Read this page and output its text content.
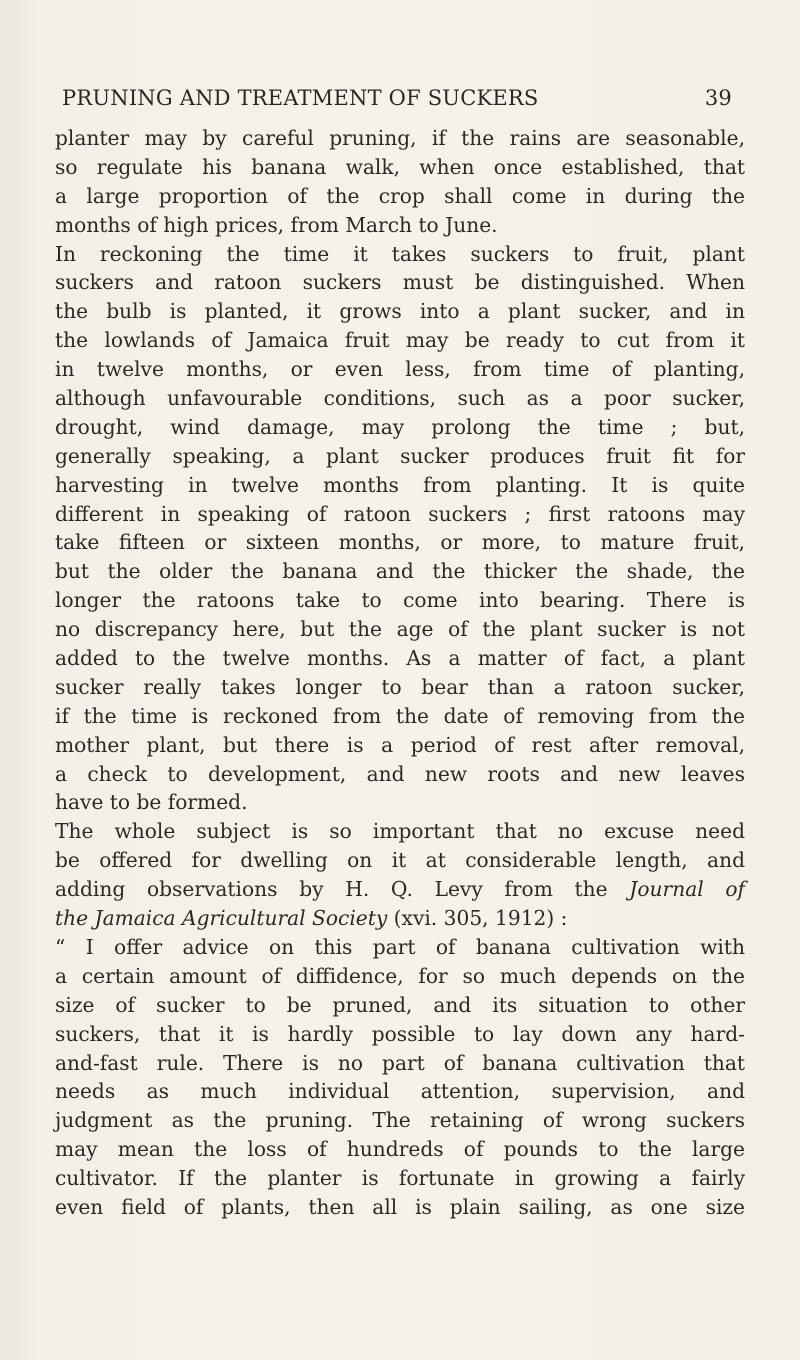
PRUNING AND TREATMENT OF SUCKERS	39
planter may by careful pruning, if the rains are seasonable,
so regulate his banana walk, when once established, that
a large proportion of the crop shall come in during the
months of high prices, from March to June.
In reckoning the time it takes suckers to fruit, plant
suckers and ratoon suckers must be distinguished. When
the bulb is planted, it grows into a plant sucker, and in
the lowlands of Jamaica fruit may be ready to cut from it
in twelve months, or even less, from time of planting,
although unfavourable conditions, such as a poor sucker,
drought, wind damage, may prolong the time ; but,
generally speaking, a plant sucker produces fruit fit for
harvesting in twelve months from planting. It is quite
different in speaking of ratoon suckers ; first ratoons may
take fifteen or sixteen months, or more, to mature fruit,
but the older the banana and the thicker the shade, the
longer the ratoons take to come into bearing. There is
no discrepancy here, but the age of the plant sucker is not
added to the twelve months. As a matter of fact, a plant
sucker really takes longer to bear than a ratoon sucker,
if the time is reckoned from the date of removing from the
mother plant, but there is a period of rest after removal,
a check to development, and new roots and new leaves
have to be formed.
The whole subject is so important that no excuse need
be offered for dwelling on it at considerable length, and
adding observations by H. Q. Levy from the Journal of
the Jamaica Agricultural Society (xvi. 305, 1912) :
“ I offer advice on this part of banana cultivation with
a certain amount of diffidence, for so much depends on the
size of sucker to be pruned, and its situation to other
suckers, that it is hardly possible to lay down any hard-
and-fast rule. There is no part of banana cultivation that
needs as much individual attention, supervision, and
judgment as the pruning. The retaining of wrong suckers
may mean the loss of hundreds of pounds to the large
cultivator. If the planter is fortunate in growing a fairly
even field of plants, then all is plain sailing, as one size
